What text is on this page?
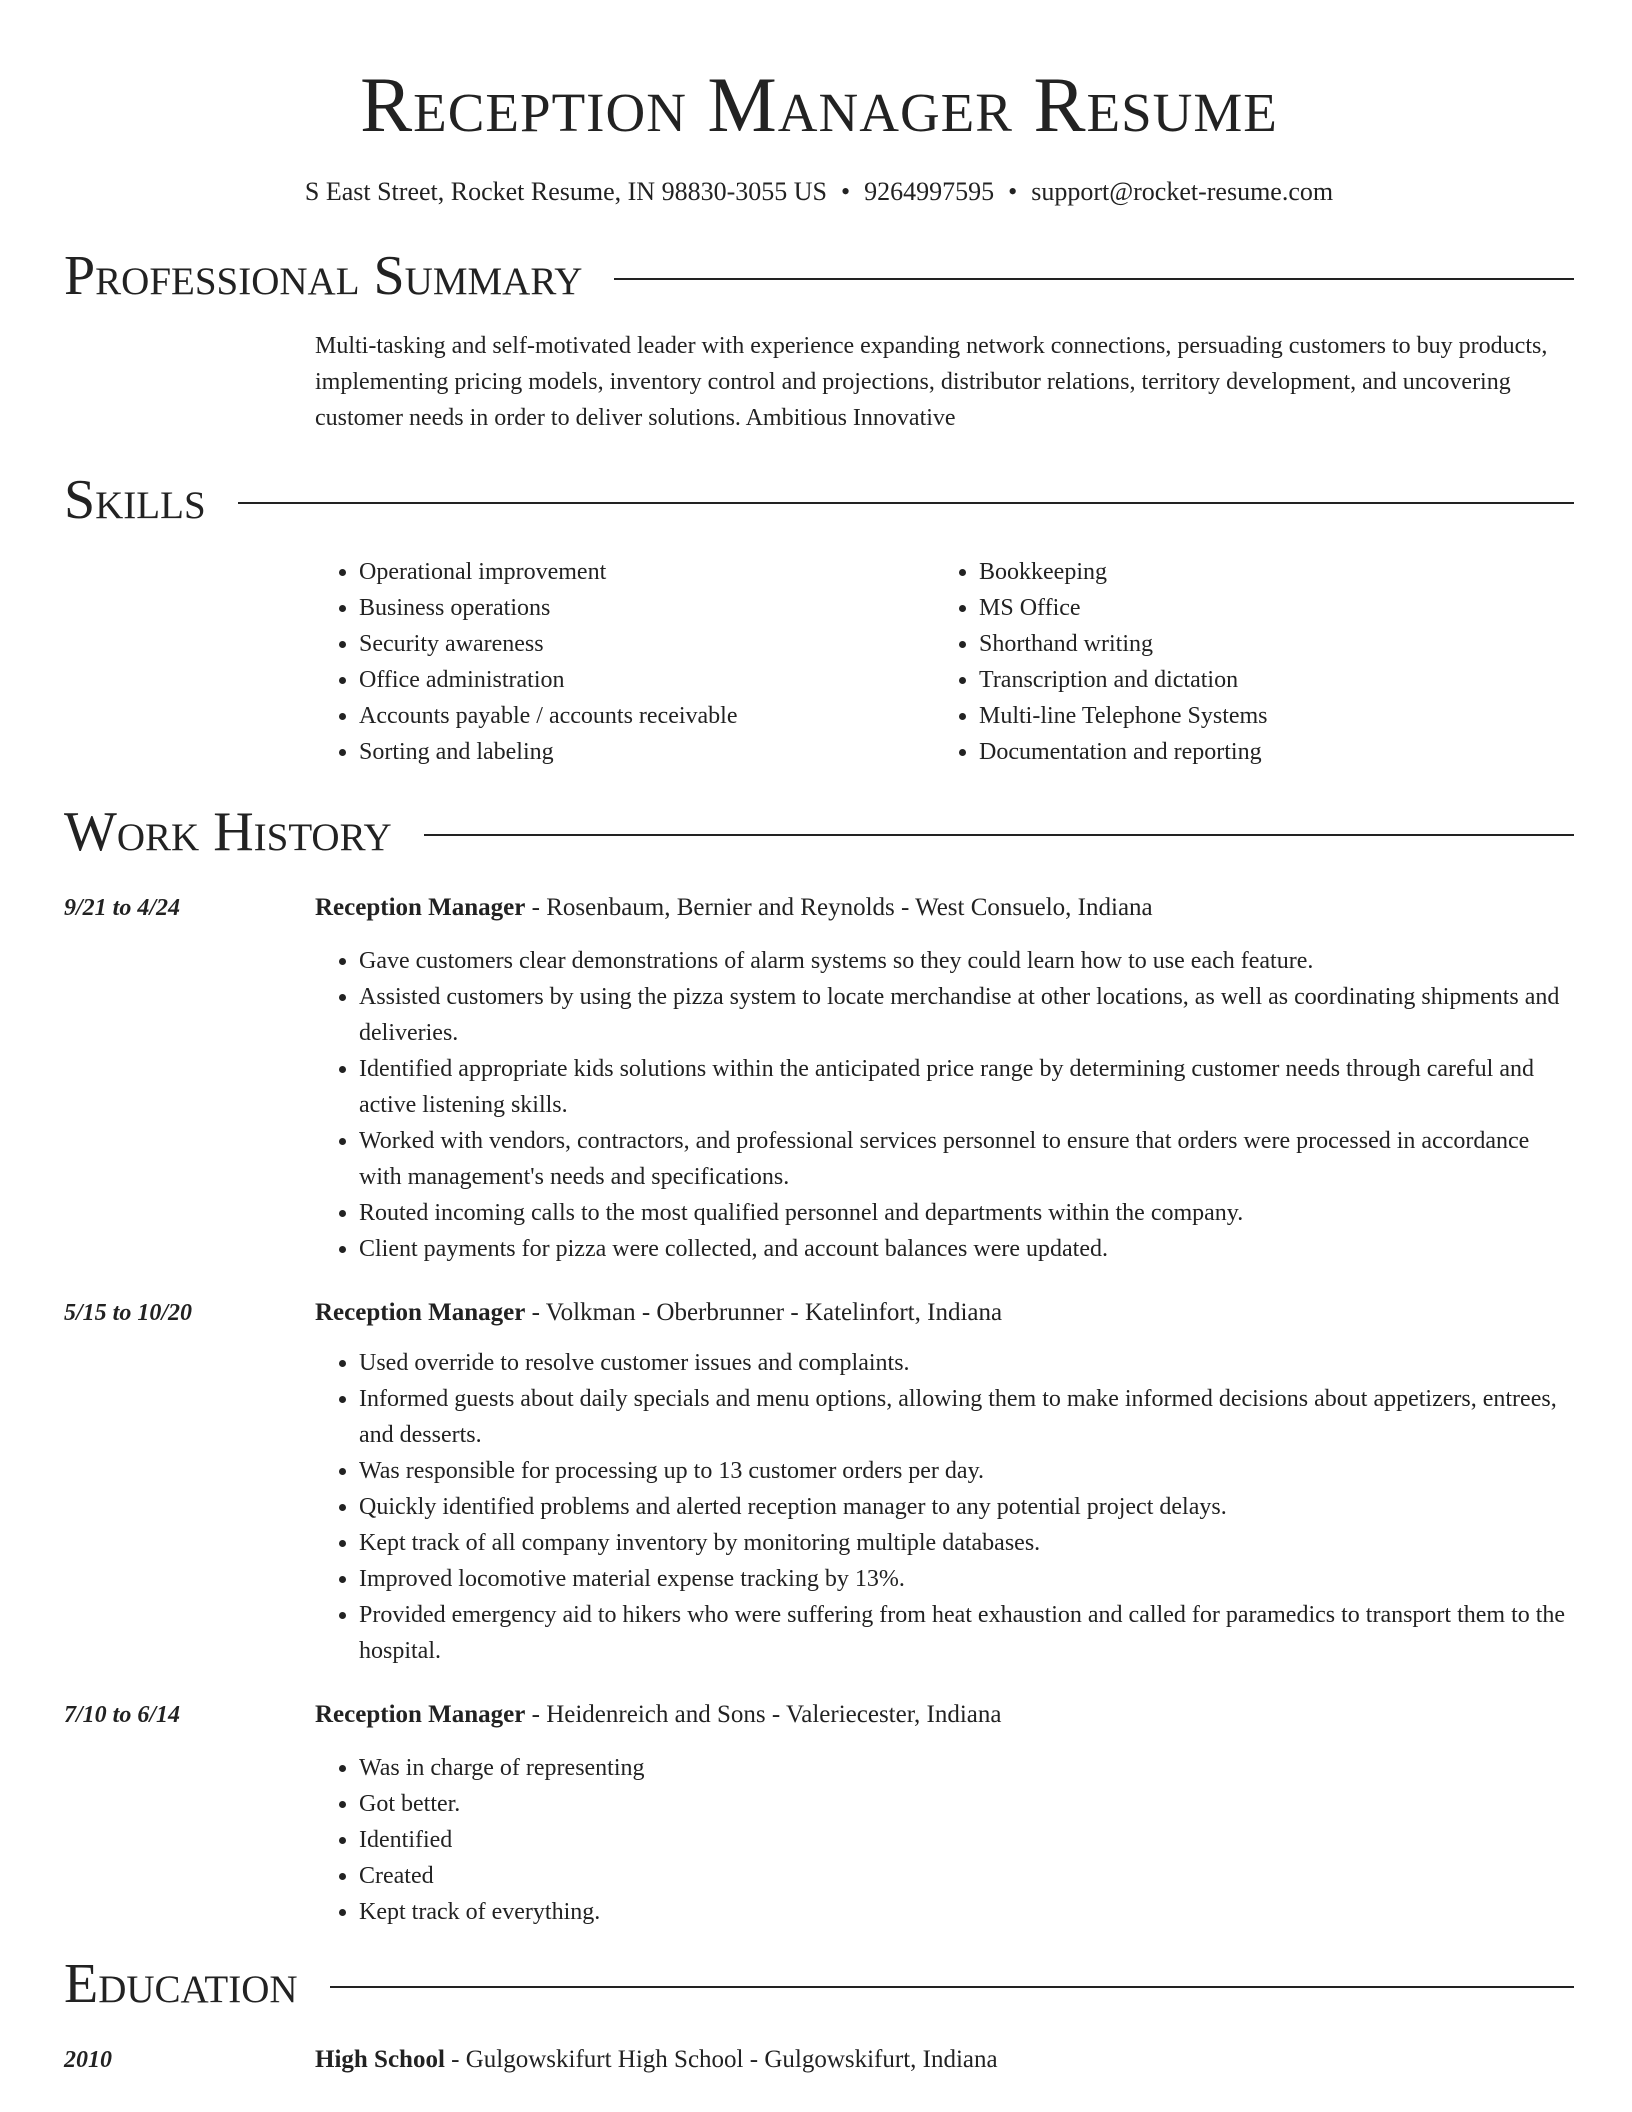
Reception Manager Resume
S East Street, Rocket Resume, IN 98830-3055 US • 9264997595 • support@rocket-resume.com
Professional Summary
Multi-tasking and self-motivated leader with experience expanding network connections, persuading customers to buy products, implementing pricing models, inventory control and projections, distributor relations, territory development, and uncovering customer needs in order to deliver solutions. Ambitious Innovative
Skills
• Operational improvement
• Business operations
• Security awareness
• Office administration
• Accounts payable / accounts receivable
• Sorting and labeling
• Bookkeeping
• MS Office
• Shorthand writing
• Transcription and dictation
• Multi-line Telephone Systems
• Documentation and reporting
Work History
9/21 to 4/24	Reception Manager - Rosenbaum, Bernier and Reynolds - West Consuelo, Indiana
• Gave customers clear demonstrations of alarm systems so they could learn how to use each feature.
• Assisted customers by using the pizza system to locate merchandise at other locations, as well as coordinating shipments and deliveries.
• Identified appropriate kids solutions within the anticipated price range by determining customer needs through careful and active listening skills.
• Worked with vendors, contractors, and professional services personnel to ensure that orders were processed in accordance with management's needs and specifications.
• Routed incoming calls to the most qualified personnel and departments within the company.
• Client payments for pizza were collected, and account balances were updated.
5/15 to 10/20	Reception Manager - Volkman - Oberbrunner - Katelinfort, Indiana
• Used override to resolve customer issues and complaints.
• Informed guests about daily specials and menu options, allowing them to make informed decisions about appetizers, entrees, and desserts.
• Was responsible for processing up to 13 customer orders per day.
• Quickly identified problems and alerted reception manager to any potential project delays.
• Kept track of all company inventory by monitoring multiple databases.
• Improved locomotive material expense tracking by 13%.
• Provided emergency aid to hikers who were suffering from heat exhaustion and called for paramedics to transport them to the hospital.
7/10 to 6/14	Reception Manager - Heidenreich and Sons - Valeriecester, Indiana
• Was in charge of representing
• Got better.
• Identified
• Created
• Kept track of everything.
Education
2010	High School - Gulgowskifurt High School - Gulgowskifurt, Indiana
